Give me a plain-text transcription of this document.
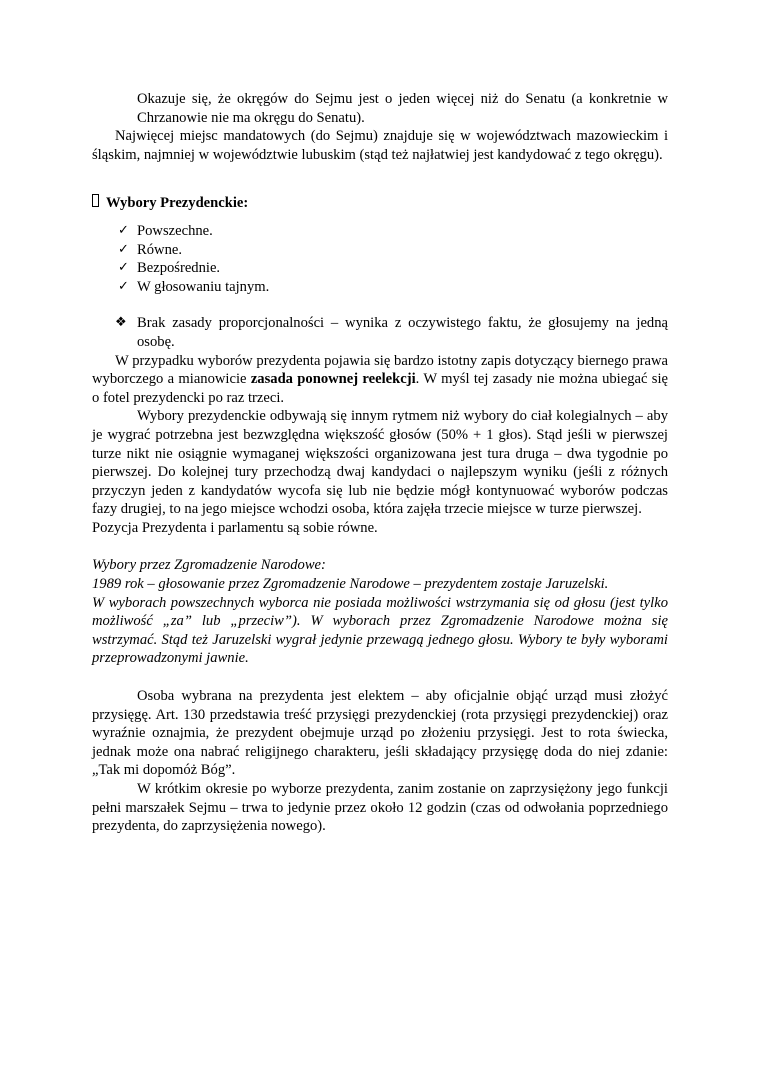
Okazuje się, że okręgów do Sejmu jest o jeden więcej niż do Senatu (a konkretnie w Chrzanowie nie ma okręgu do Senatu).

Najwięcej miejsc mandatowych (do Sejmu) znajduje się w województwach mazowieckim i śląskim, najmniej w województwie lubuskim (stąd też najłatwiej jest kandydować z tego okręgu).

Wybory Prezydenckie:
✓ Powszechne.
✓ Równe.
✓ Bezpośrednie.
✓ W głosowaniu tajnym.
❖ Brak zasady proporcjonalności – wynika z oczywistego faktu, że głosujemy na jedną osobę.

W przypadku wyborów prezydenta pojawia się bardzo istotny zapis dotyczący biernego prawa wyborczego a mianowicie zasada ponownej reelekcji. W myśl tej zasady nie można ubiegać się o fotel prezydencki po raz trzeci.

Wybory prezydenckie odbywają się innym rytmem niż wybory do ciał kolegialnych – aby je wygrać potrzebna jest bezwzględna większość głosów (50% + 1 głos). Stąd jeśli w pierwszej turze nikt nie osiągnie wymaganej większości organizowana jest tura druga – dwa tygodnie po pierwszej. Do kolejnej tury przechodzą dwaj kandydaci o najlepszym wyniku (jeśli z różnych przyczyn jeden z kandydatów wycofa się lub nie będzie mógł kontynuować wyborów podczas fazy drugiej, to na jego miejsce wchodzi osoba, która zajęła trzecie miejsce w turze pierwszej.

Pozycja Prezydenta i parlamentu są sobie równe.

Wybory przez Zgromadzenie Narodowe:

1989 rok – głosowanie przez Zgromadzenie Narodowe – prezydentem zostaje Jaruzelski.

W wyborach powszechnych wyborca nie posiada możliwości wstrzymania się od głosu (jest tylko możliwość „za” lub „przeciw”). W wyborach przez Zgromadzenie Narodowe można się wstrzymać. Stąd też Jaruzelski wygrał jedynie przewagą jednego głosu. Wybory te były wyborami przeprowadzonymi jawnie.

Osoba wybrana na prezydenta jest elektem – aby oficjalnie objąć urząd musi złożyć przysięgę. Art. 130 przedstawia treść przysięgi prezydenckiej (rota przysięgi prezydenckiej) oraz wyraźnie oznajmia, że prezydent obejmuje urząd po złożeniu przysięgi. Jest to rota świecka, jednak może ona nabrać religijnego charakteru, jeśli składający przysięgę doda do niej zdanie: „Tak mi dopomóż Bóg”.

W krótkim okresie po wyborze prezydenta, zanim zostanie on zaprzysiężony jego funkcji pełni marszałek Sejmu – trwa to jedynie przez około 12 godzin (czas od odwołania poprzedniego prezydenta, do zaprzysiężenia nowego).
